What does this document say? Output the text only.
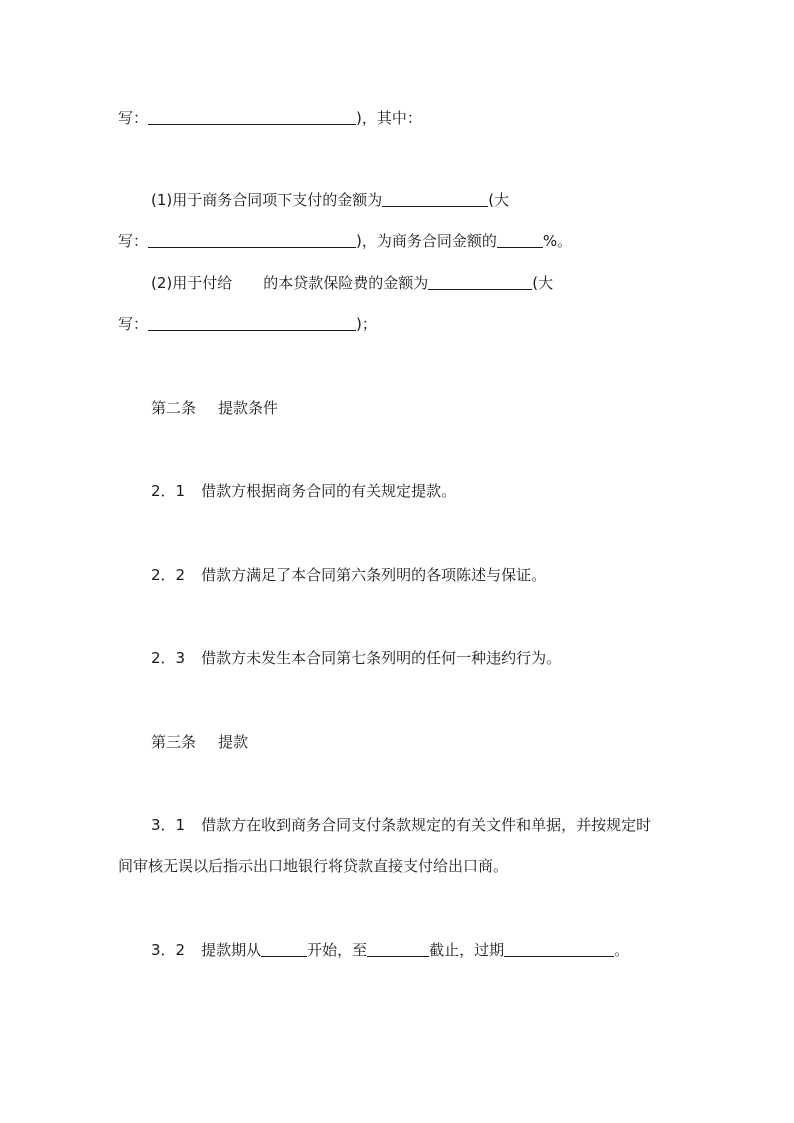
写：	)，其中：
(1)用于商务合同项下支付的金额为	(大
写：	)，为商务合同金额的	%。
(2)用于付给 的本贷款保险费的金额为	(大
写：	)；
第二条 提款条件
2．1 借款方根据商务合同的有关规定提款。
2．2 借款方满足了本合同第六条列明的各项陈述与保证。
2．3 借款方未发生本合同第七条列明的任何一种违约行为。
第三条 提款
3．1 借款方在收到商务合同支付条款规定的有关文件和单据，并按规定时
间审核无误以后指示出口地银行将贷款直接支付给出口商。
3．2 提款期从	开始，至	截止，过期	。
